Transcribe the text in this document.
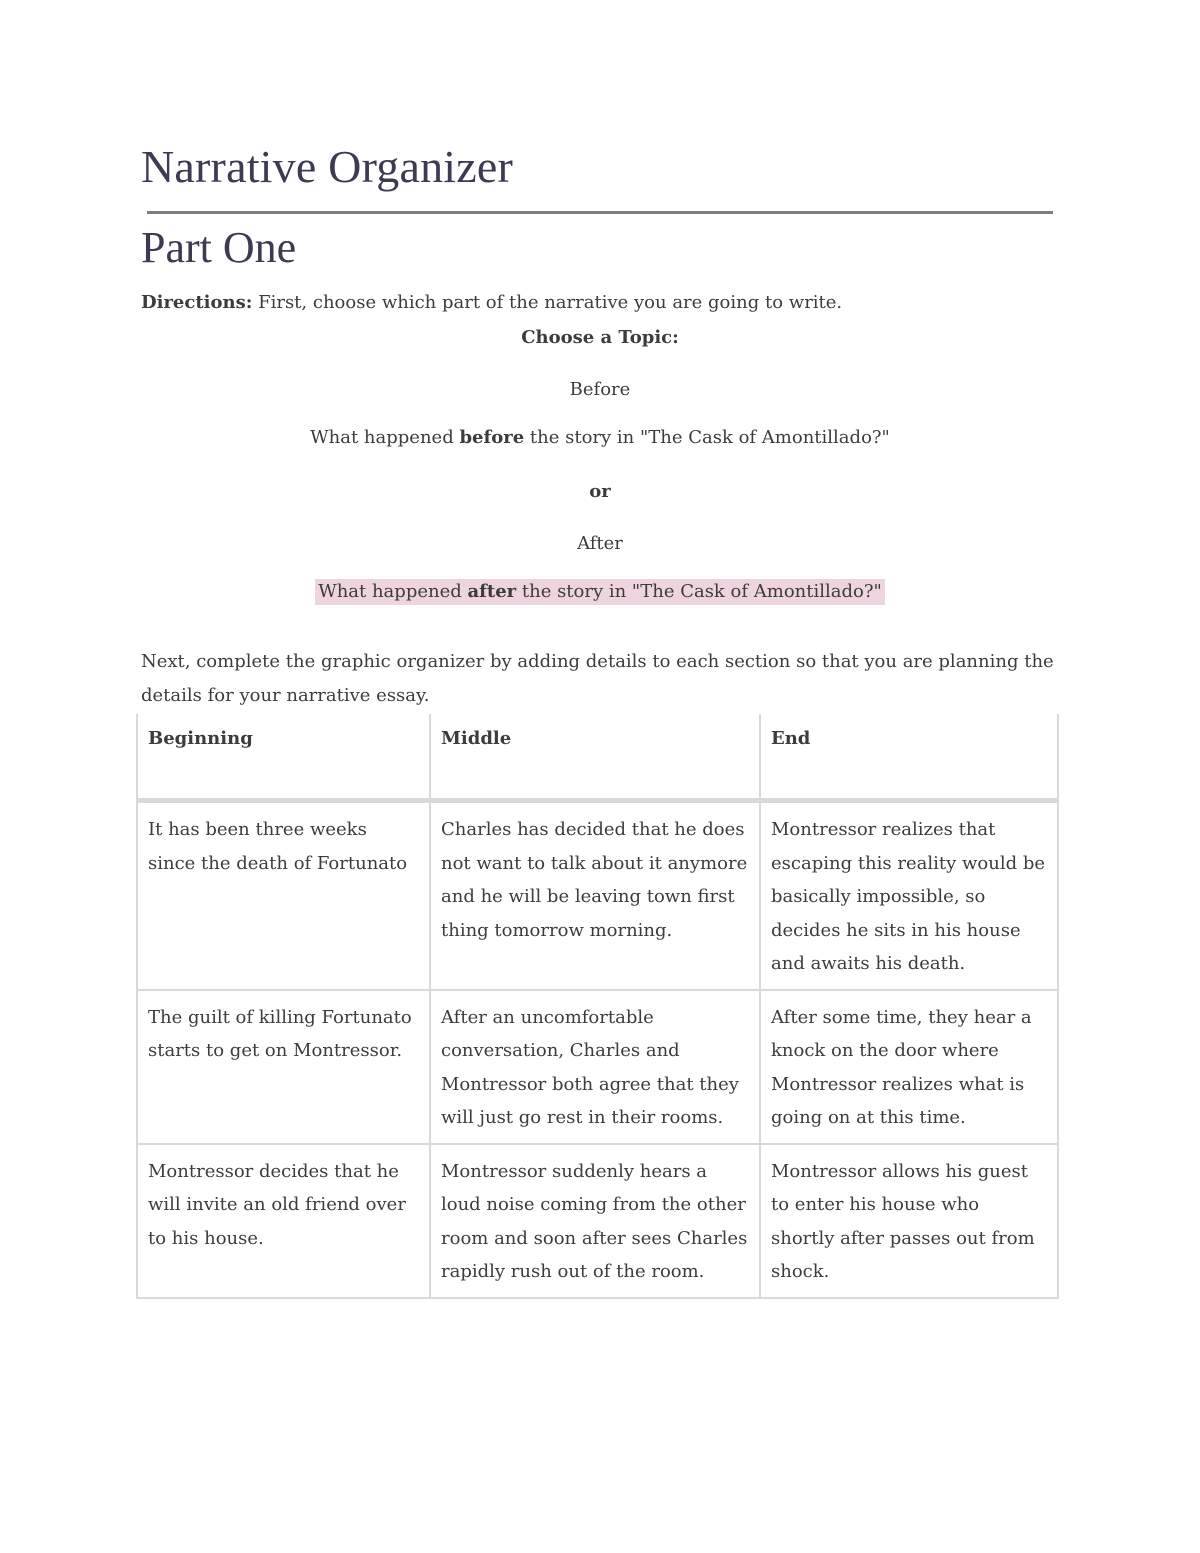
Narrative Organizer
Part One
Directions: First, choose which part of the narrative you are going to write.
Choose a Topic:
Before
What happened before the story in "The Cask of Amontillado?"
or
After
What happened after the story in "The Cask of Amontillado?"
Next, complete the graphic organizer by adding details to each section so that you are planning the details for your narrative essay.
Beginning	Middle	End
It has been three weeks since the death of Fortunato	Charles has decided that he does not want to talk about it anymore and he will be leaving town first thing tomorrow morning.	Montressor realizes that escaping this reality would be basically impossible, so decides he sits in his house and awaits his death.
The guilt of killing Fortunato starts to get on Montressor.	After an uncomfortable conversation, Charles and Montressor both agree that they will just go rest in their rooms.	After some time, they hear a knock on the door where Montressor realizes what is going on at this time.
Montressor decides that he will invite an old friend over to his house.	Montressor suddenly hears a loud noise coming from the other room and soon after sees Charles rapidly rush out of the room.	Montressor allows his guest to enter his house who shortly after passes out from shock.
